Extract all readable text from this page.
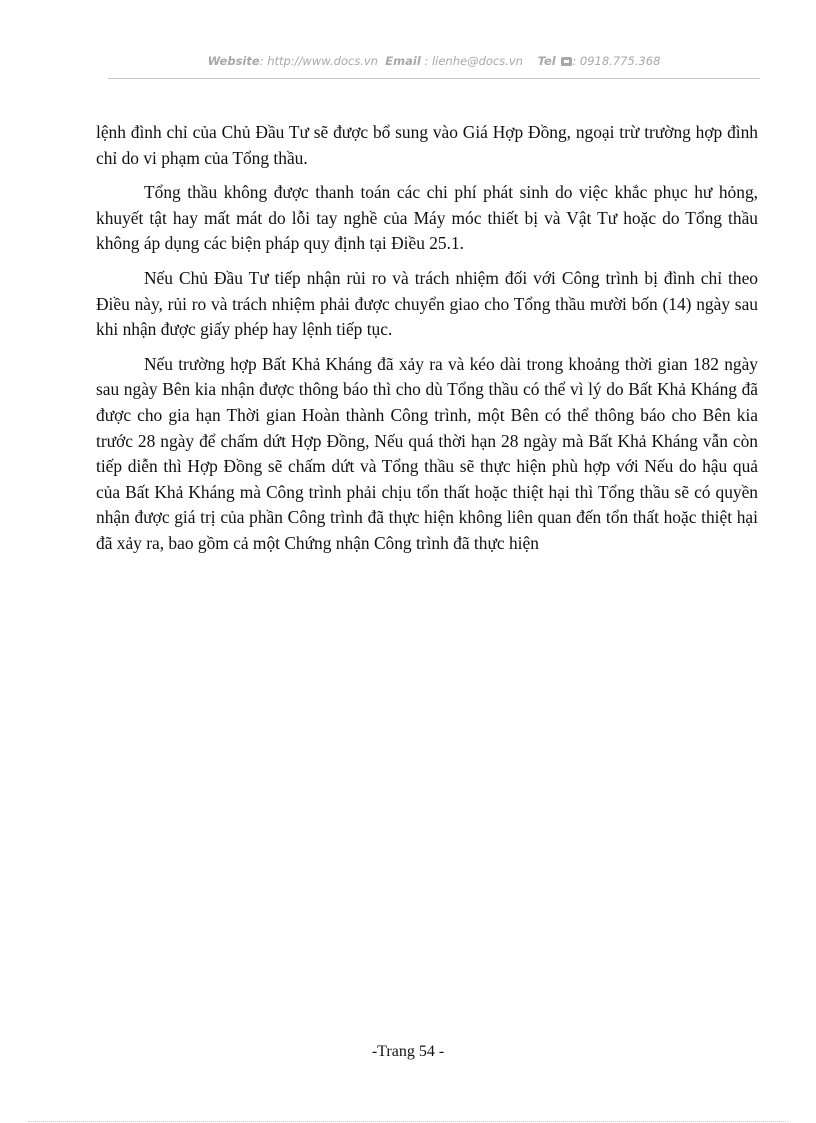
Website: http://www.docs.vn Email : lienhe@docs.vn Tel : 0918.775.368

lệnh đình chỉ của Chủ Đầu Tư sẽ được bổ sung vào Giá Hợp Đồng, ngoại trừ trường hợp đình chỉ do vi phạm của Tổng thầu.

Tổng thầu không được thanh toán các chi phí phát sinh do việc khắc phục hư hỏng, khuyết tật hay mất mát do lỗi tay nghề của Máy móc thiết bị và Vật Tư hoặc do Tổng thầu không áp dụng các biện pháp quy định tại Điều 25.1.

Nếu Chủ Đầu Tư tiếp nhận rủi ro và trách nhiệm đối với Công trình bị đình chỉ theo Điều này, rủi ro và trách nhiệm phải được chuyển giao cho Tổng thầu mười bốn (14) ngày sau khi nhận được giấy phép hay lệnh tiếp tục.

Nếu trường hợp Bất Khả Kháng đã xảy ra và kéo dài trong khoảng thời gian 182 ngày sau ngày Bên kia nhận được thông báo thì cho dù Tổng thầu có thể vì lý do Bất Khả Kháng đã được cho gia hạn Thời gian Hoàn thành Công trình, một Bên có thể thông báo cho Bên kia trước 28 ngày để chấm dứt Hợp Đồng, Nếu quá thời hạn 28 ngày mà Bất Khả Kháng vẫn còn tiếp diễn thì Hợp Đồng sẽ chấm dứt và Tổng thầu sẽ thực hiện phù hợp với Nếu do hậu quả của Bất Khả Kháng mà Công trình phải chịu tổn thất hoặc thiệt hại thì Tổng thầu sẽ có quyền nhận được giá trị của phần Công trình đã thực hiện không liên quan đến tổn thất hoặc thiệt hại đã xảy ra, bao gồm cả một Chứng nhận Công trình đã thực hiện

-Trang 54 -
